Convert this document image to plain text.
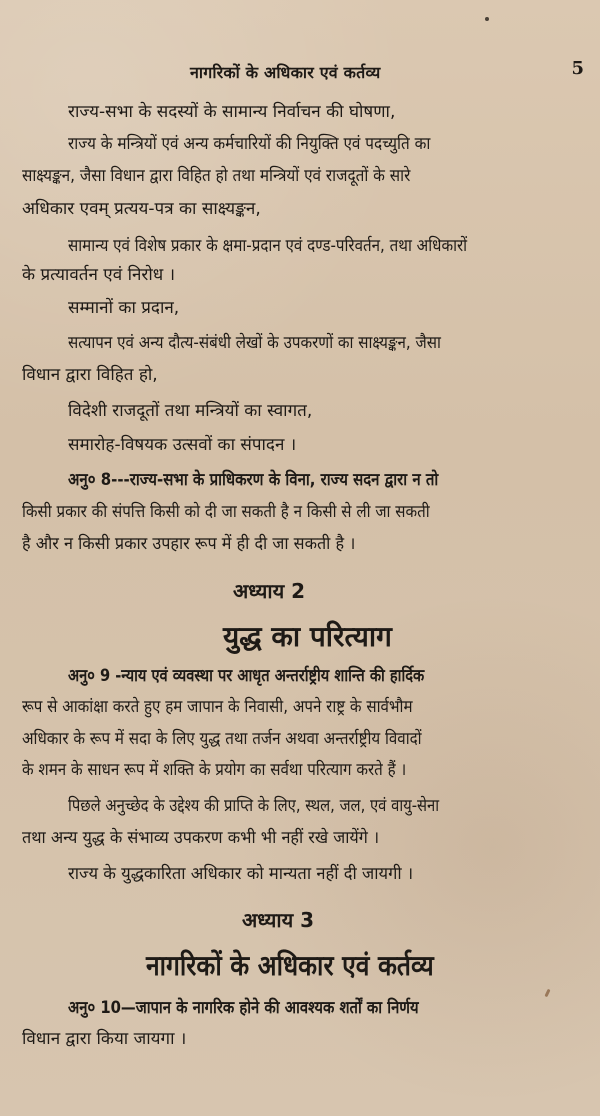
नागरिकों के अधिकार एवं कर्तव्य	5
राज्य-सभा के सदस्यों के सामान्य निर्वाचन की घोषणा,
राज्य के मन्त्रियों एवं अन्य कर्मचारियों की नियुक्ति एवं पदच्युति का
साक्ष्यङ्कन, जैसा विधान द्वारा विहित हो तथा मन्त्रियों एवं राजदूतों के सारे
अधिकार एवम् प्रत्यय-पत्र का साक्ष्यङ्कन,
सामान्य एवं विशेष प्रकार के क्षमा-प्रदान एवं दण्ड-परिवर्तन, तथा अधिकारों
के प्रत्यावर्तन एवं निरोध ।
सम्मानों का प्रदान,
सत्यापन एवं अन्य दौत्य-संबंधी लेखों के उपकरणों का साक्ष्यङ्कन, जैसा
विधान द्वारा विहित हो,
विदेशी राजदूतों तथा मन्त्रियों का स्वागत,
समारोह-विषयक उत्सवों का संपादन ।
अनु० 8---राज्य-सभा के प्राधिकरण के विना, राज्य सदन द्वारा न तो
किसी प्रकार की संपत्ति किसी को दी जा सकती है न किसी से ली जा सकती
है और न किसी प्रकार उपहार रूप में ही दी जा सकती है ।
अध्याय 2
युद्ध का परित्याग
अनु० 9 -न्याय एवं व्यवस्था पर आधृत अन्तर्राष्ट्रीय शान्ति की हार्दिक
रूप से आकांक्षा करते हुए हम जापान के निवासी, अपने राष्ट्र के सार्वभौम
अधिकार के रूप में सदा के लिए युद्ध तथा तर्जन अथवा अन्तर्राष्ट्रीय विवादों
के शमन के साधन रूप में शक्ति के प्रयोग का सर्वथा परित्याग करते हैं ।
पिछले अनुच्छेद के उद्देश्य की प्राप्ति के लिए, स्थल, जल, एवं वायु-सेना
तथा अन्य युद्ध के संभाव्य उपकरण कभी भी नहीं रखे जायेंगे ।
राज्य के युद्धकारिता अधिकार को मान्यता नहीं दी जायगी ।
अध्याय 3
नागरिकों के अधिकार एवं कर्तव्य
अनु० 10—जापान के नागरिक होने की आवश्यक शर्तों का निर्णय
विधान द्वारा किया जायगा ।
